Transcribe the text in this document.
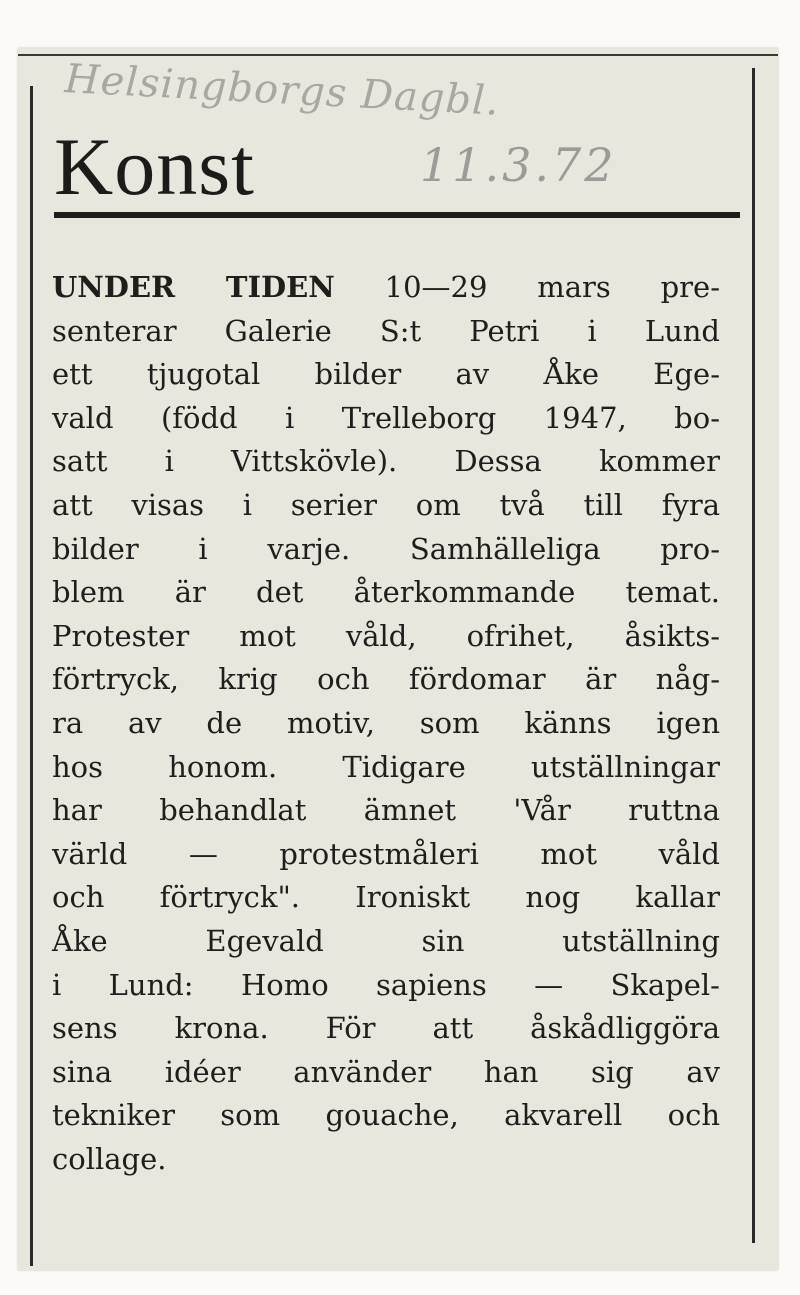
Helsingborgs Dagbl.
11.3.72
Konst
UNDER TIDEN 10—29 mars pre-
senterar Galerie S:t Petri i Lund
ett tjugotal bilder av Åke Ege-
vald (född i Trelleborg 1947, bo-
satt i Vittskövle). Dessa kommer
att visas i serier om två till fyra
bilder i varje. Samhälleliga pro-
blem är det återkommande temat.
Protester mot våld, ofrihet, åsikts-
förtryck, krig och fördomar är någ-
ra av de motiv, som känns igen
hos honom. Tidigare utställningar
har behandlat ämnet 'Vår ruttna
värld — protestmåleri mot våld
och förtryck". Ironiskt nog kallar
Åke Egevald sin utställning
i Lund: Homo sapiens — Skapel-
sens krona. För att åskådliggöra
sina idéer använder han sig av
tekniker som gouache, akvarell och
collage.
